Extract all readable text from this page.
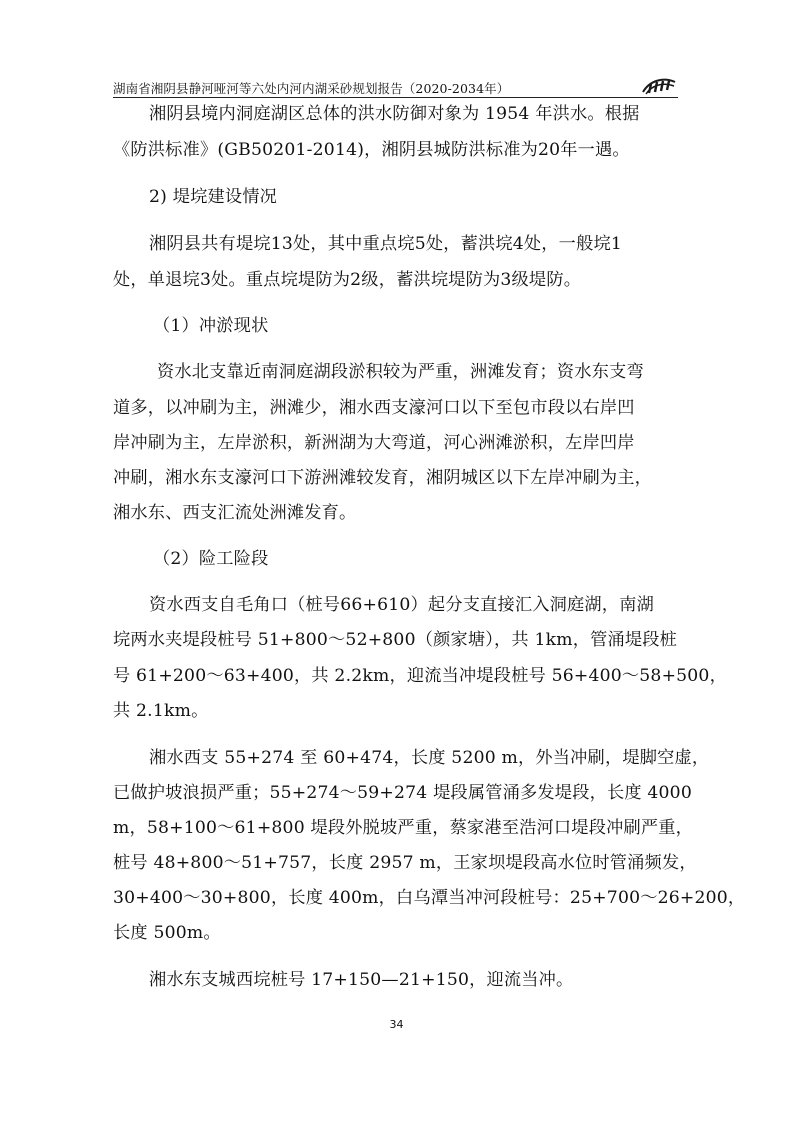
湖南省湘阴县静河哑河等六处内河内湖采砂规划报告（2020-2034年）
湘阴县境内洞庭湖区总体的洪水防御对象为 1954 年洪水。根据
《防洪标准》(GB50201-2014)，湘阴县城防洪标准为20年一遇。
2) 堤垸建设情况
湘阴县共有堤垸13处，其中重点垸5处，蓄洪垸4处，一般垸1
处，单退垸3处。重点垸堤防为2级，蓄洪垸堤防为3级堤防。
（1）冲淤现状
资水北支靠近南洞庭湖段淤积较为严重，洲滩发育；资水东支弯
道多，以冲刷为主，洲滩少，湘水西支濠河口以下至包市段以右岸凹
岸冲刷为主，左岸淤积，新洲湖为大弯道，河心洲滩淤积，左岸凹岸
冲刷，湘水东支濠河口下游洲滩较发育，湘阴城区以下左岸冲刷为主，
湘水东、西支汇流处洲滩发育。
（2）险工险段
资水西支自毛角口（桩号66+610）起分支直接汇入洞庭湖，南湖
垸两水夹堤段桩号 51+800～52+800（颜家塘），共 1km，管涌堤段桩
号 61+200～63+400，共 2.2km，迎流当冲堤段桩号 56+400～58+500，
共 2.1km。
湘水西支 55+274 至 60+474，长度 5200 m，外当冲刷，堤脚空虚，
已做护坡浪损严重；55+274～59+274 堤段属管涌多发堤段，长度 4000
m，58+100～61+800 堤段外脱坡严重，蔡家港至浩河口堤段冲刷严重，
桩号 48+800～51+757，长度 2957 m，王家坝堤段高水位时管涌频发，
30+400～30+800，长度 400m，白乌潭当冲河段桩号：25+700～26+200，
长度 500m。
湘水东支城西垸桩号 17+150—21+150，迎流当冲。
34
